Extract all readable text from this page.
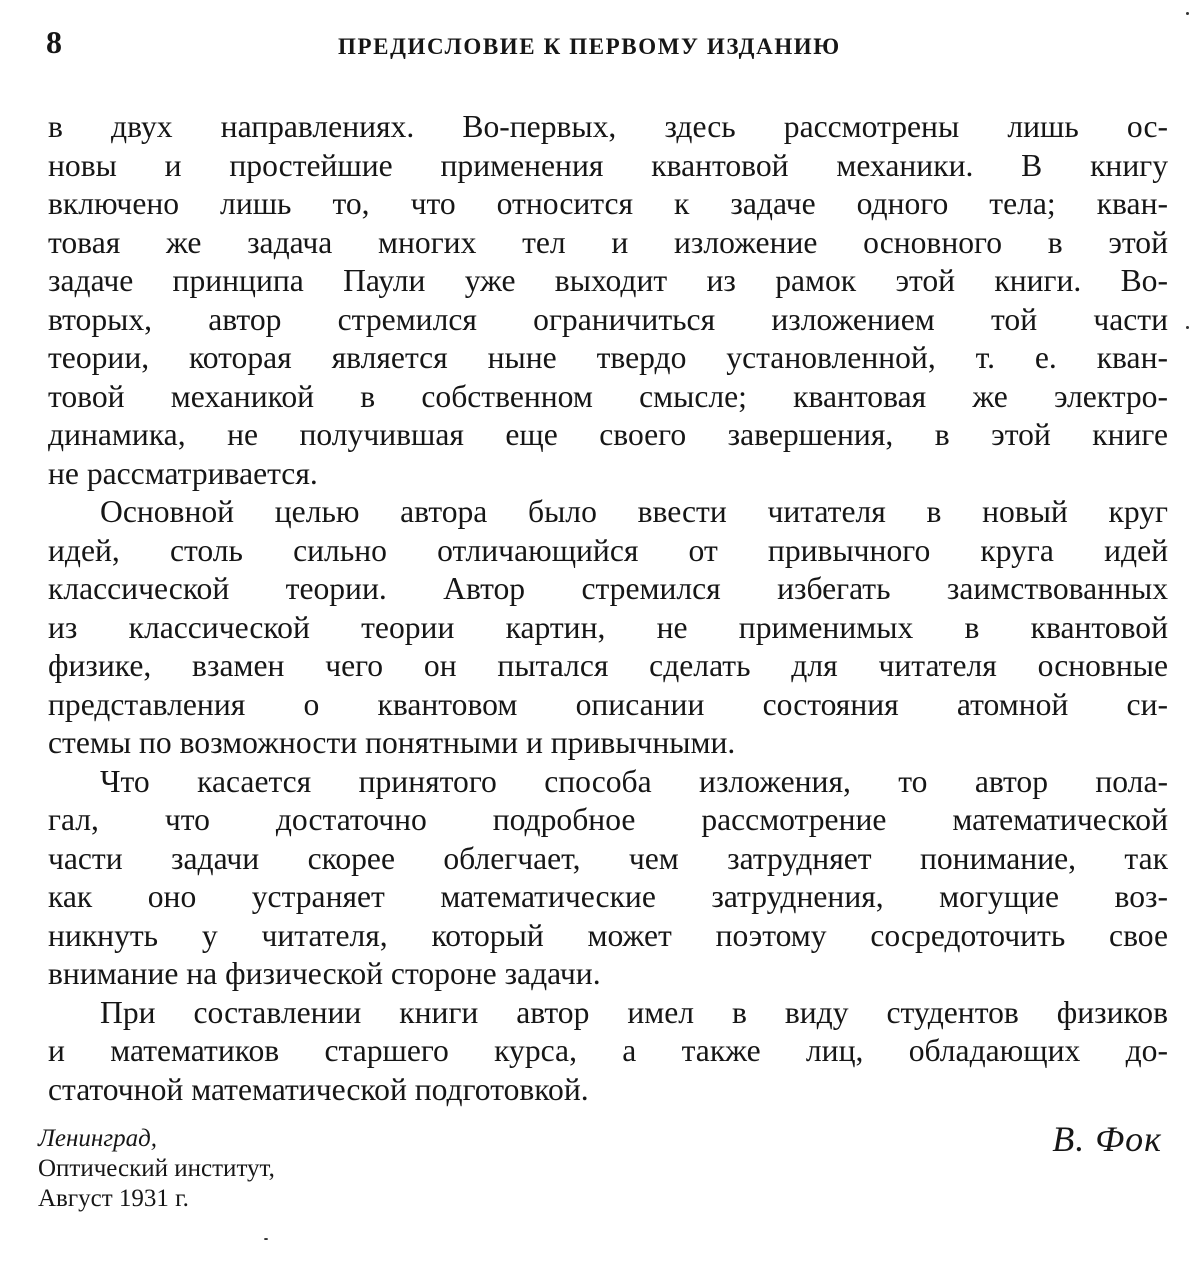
8	ПРЕДИСЛОВИЕ К ПЕРВОМУ ИЗДАНИЮ

в двух направлениях. Во-первых, здесь рассмотрены лишь ос-
новы и простейшие применения квантовой механики. В книгу
включено лишь то, что относится к задаче одного тела; кван-
товая же задача многих тел и изложение основного в этой
задаче принципа Паули уже выходит из рамок этой книги. Во-
вторых, автор стремился ограничиться изложением той части
теории, которая является ныне твердо установленной, т. е. кван-
товой механикой в собственном смысле; квантовая же электро-
динамика, не получившая еще своего завершения, в этой книге
не рассматривается.

Основной целью автора было ввести читателя в новый круг
идей, столь сильно отличающийся от привычного круга идей
классической теории. Автор стремился избегать заимствованных
из классической теории картин, не применимых в квантовой
физике, взамен чего он пытался сделать для читателя основные
представления о квантовом описании состояния атомной си-
стемы по возможности понятными и привычными.

Что касается принятого способа изложения, то автор пола-
гал, что достаточно подробное рассмотрение математической
части задачи скорее облегчает, чем затрудняет понимание, так
как оно устраняет математические затруднения, могущие воз-
никнуть у читателя, который может поэтому сосредоточить свое
внимание на физической стороне задачи.

При составлении книги автор имел в виду студентов физиков
и математиков старшего курса, а также лиц, обладающих до-
статочной математической подготовкой.

Ленинград,
Оптический институт,
Август 1931 г.
В. Фок
